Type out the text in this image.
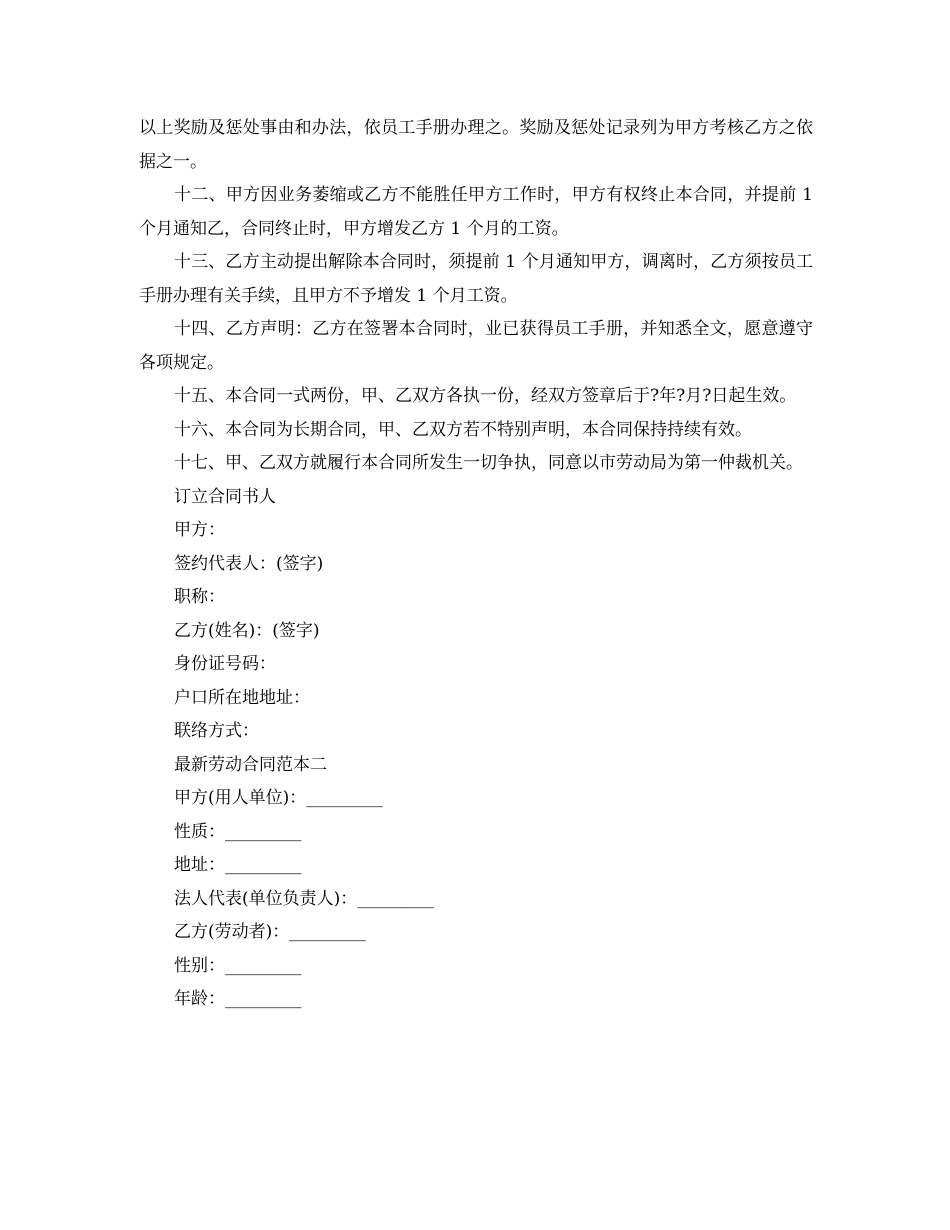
以上奖励及惩处事由和办法，依员工手册办理之。奖励及惩处记录列为甲方考核乙方之依据之一。

十二、甲方因业务萎缩或乙方不能胜任甲方工作时，甲方有权终止本合同，并提前 1 个月通知乙，合同终止时，甲方增发乙方 1 个月的工资。

十三、乙方主动提出解除本合同时，须提前 1 个月通知甲方，调离时，乙方须按员工手册办理有关手续，且甲方不予增发 1 个月工资。

十四、乙方声明：乙方在签署本合同时，业已获得员工手册，并知悉全文，愿意遵守各项规定。

十五、本合同一式两份，甲、乙双方各执一份，经双方签章后于?年?月?日起生效。

十六、本合同为长期合同，甲、乙双方若不特别声明，本合同保持持续有效。

十七、甲、乙双方就履行本合同所发生一切争执，同意以市劳动局为第一仲裁机关。

订立合同书人

甲方：

签约代表人：(签字)

职称：

乙方(姓名)：(签字)

身份证号码：

户口所在地地址：

联络方式：

最新劳动合同范本二

甲方(用人单位)：_________

性质：_________

地址：_________

法人代表(单位负责人)：_________

乙方(劳动者)：_________

性别：_________

年龄：_________
